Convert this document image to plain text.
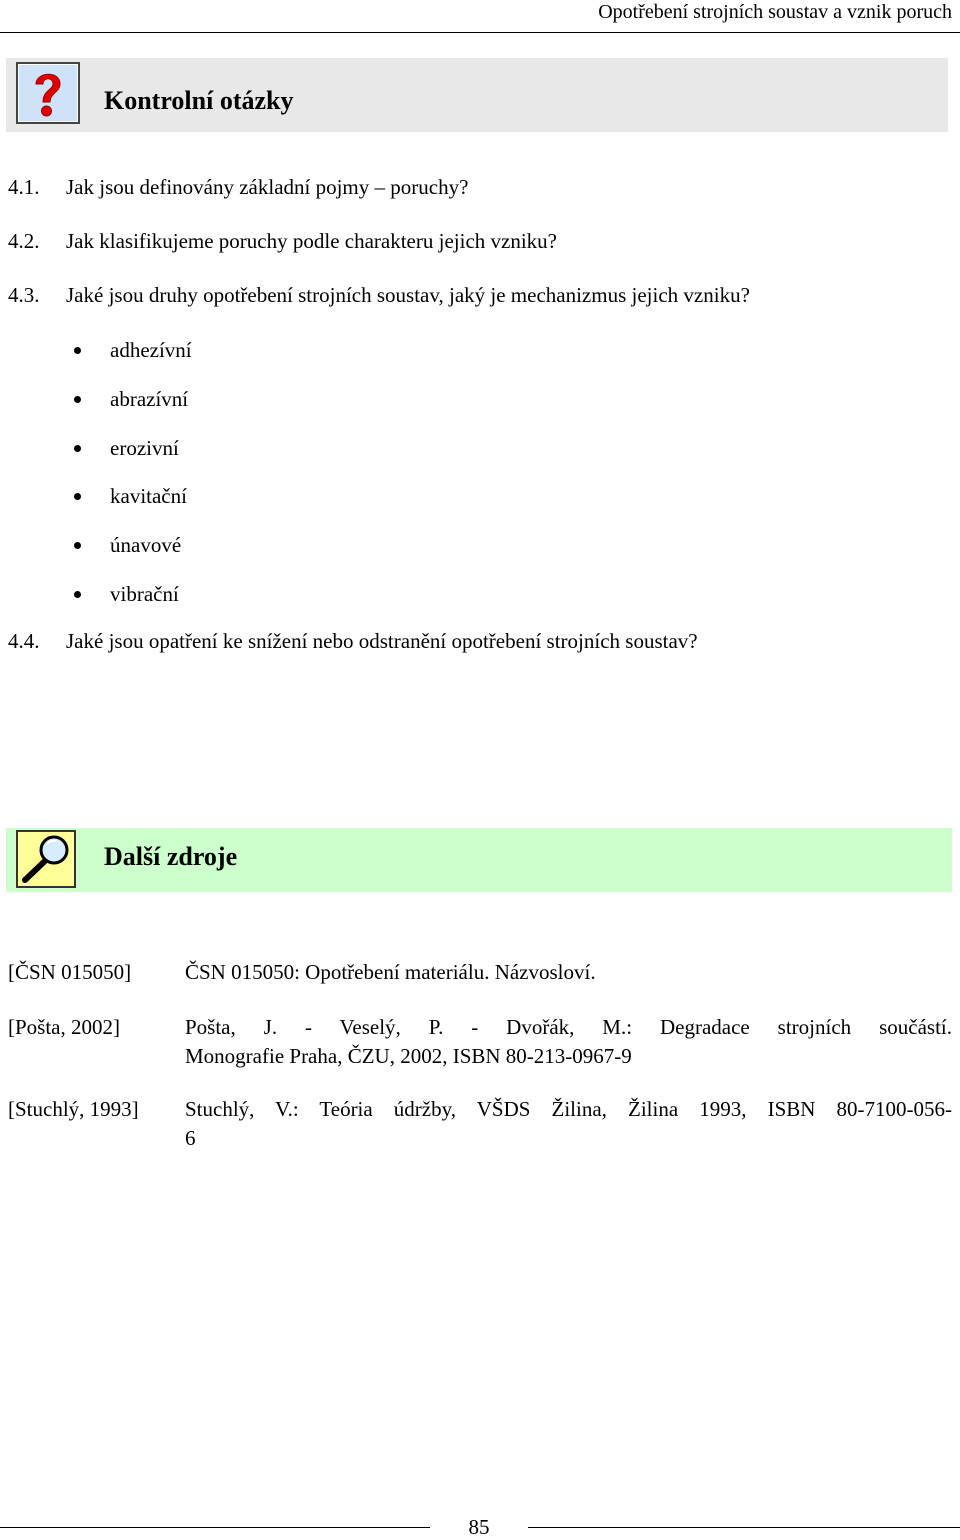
Opotřebení strojních soustav a vznik poruch
Kontrolní otázky
4.1. Jak jsou definovány základní pojmy – poruchy?
4.2. Jak klasifikujeme poruchy podle charakteru jejich vzniku?
4.3. Jaké jsou druhy opotřebení strojních soustav, jaký je mechanizmus jejich vzniku?
adhezívní
abrazívní
erozivní
kavitační
únavové
vibrační
4.4. Jaké jsou opatření ke snížení nebo odstranění opotřebení strojních soustav?
Další zdroje
[ČSN 015050]	ČSN 015050: Opotřebení materiálu. Názvosloví.
[Pošta, 2002]	Pošta, J. - Veselý, P. - Dvořák, M.: Degradace strojních součástí.
Monografie Praha, ČZU, 2002, ISBN 80-213-0967-9
[Stuchlý, 1993] Stuchlý, V.: Teória údržby, VŠDS Žilina, Žilina 1993, ISBN 80-7100-056-
6
85
